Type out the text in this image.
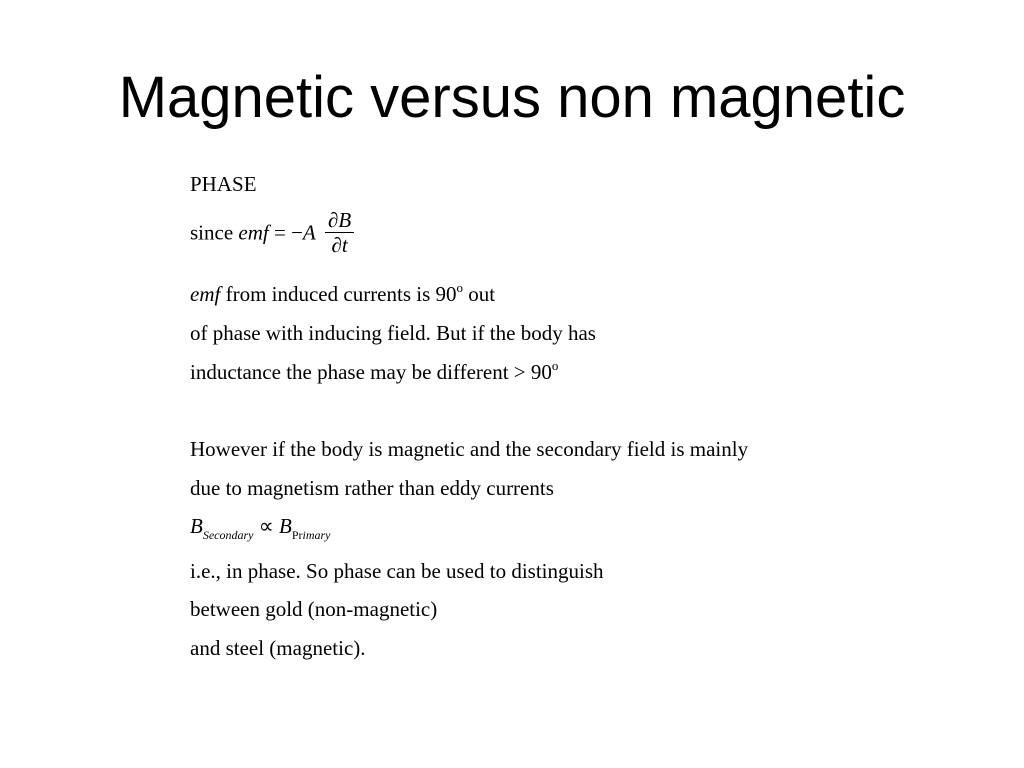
Magnetic versus non magnetic
PHASE
since emf = $-A \frac{\partial B}{\partial t}$
emf from induced currents is 90$^o$ out
of phase with inducing field. But if the body has
inductance the phase may be different > $90^o$
However if the body is magnetic and the secondary field is mainly
due to magnetism rather than eddy currents
$B_{Secondary} \propto B_{Primary}$
i.e., in phase. So phase can be used to distinguish
between gold (non-magnetic)
and steel (magnetic).
